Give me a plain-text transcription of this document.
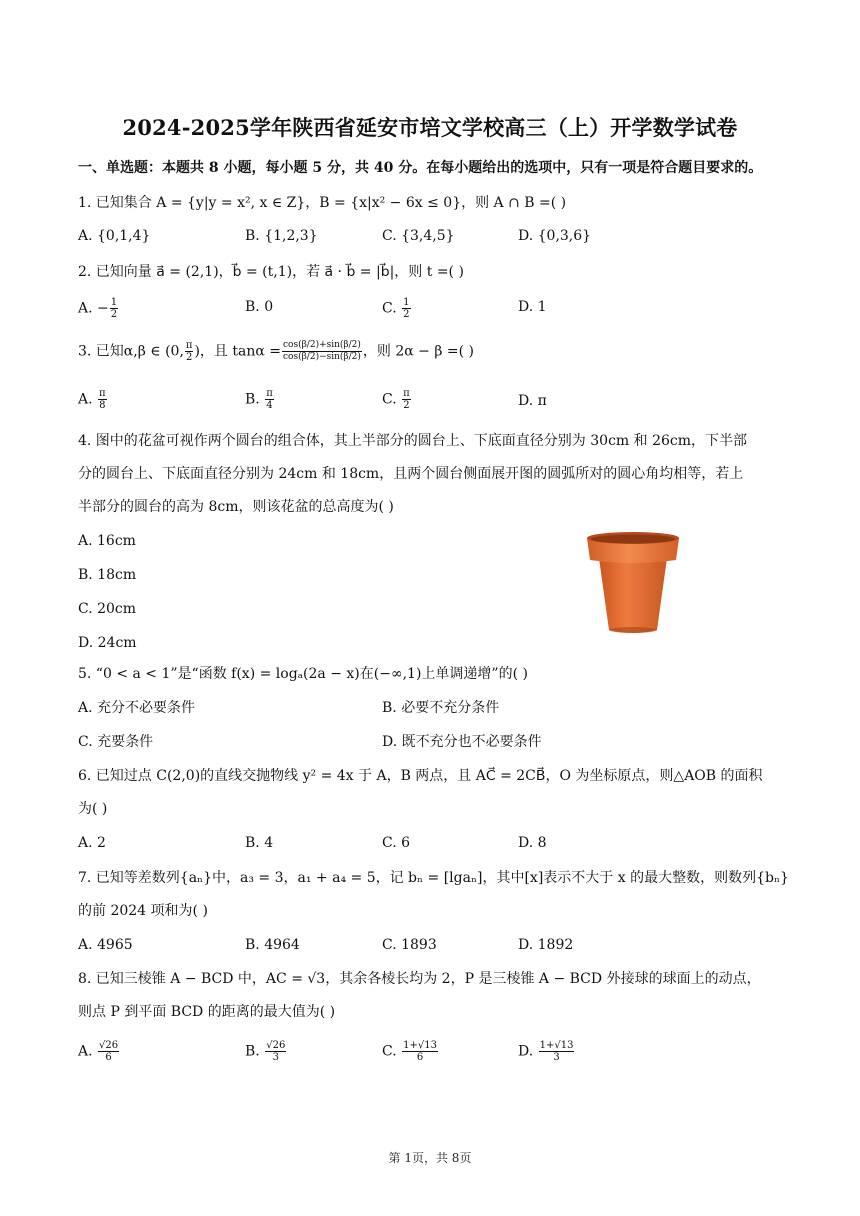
2024-2025学年陕西省延安市培文学校高三（上）开学数学试卷
一、单选题：本题共 8 小题，每小题 5 分，共 40 分。在每小题给出的选项中，只有一项是符合题目要求的。
1. 已知集合 A = {y|y = x², x ∈ Z}，B = {x|x² − 6x ≤ 0}，则 A ∩ B =( )
A. {0,1,4}	B. {1,2,3}	C. {3,4,5}	D. {0,3,6}
2. 已知向量 a⃗ = (2,1)，b⃗ = (t,1)，若 a⃗ · b⃗ = |b⃗|，则 t =( )
A. − $\frac{1}{2}$	B. 0	C. $\frac{1}{2}$	D. 1
3. 已知α,β ∈ (0, $\frac{\pi}{2}$ )，且 $\tan\alpha = \frac{\cos(\beta/2)+\sin(\beta/2)}{\cos(\beta/2)-\sin(\beta/2)}$ ，则 2α − β =( )
A. $\frac{\pi}{8}$	B. $\frac{\pi}{4}$	C. $\frac{\pi}{2}$	D. π
4. 图中的花盆可视作两个圆台的组合体，其上半部分的圆台上、下底面直径分别为 30cm 和 26cm，下半部
分的圆台上、下底面直径分别为 24cm 和 18cm，且两个圆台侧面展开图的圆弧所对的圆心角均相等，若上
半部分的圆台的高为 8cm，则该花盆的总高度为( )
A. 16cm
B. 18cm
C. 20cm
D. 24cm
5. “0 < a < 1”是“函数 f(x) = logₐ(2a − x)在(−∞,1)上单调递增”的( )
A. 充分不必要条件	B. 必要不充分条件
C. 充要条件	D. 既不充分也不必要条件
6. 已知过点 C(2,0)的直线交抛物线 y² = 4x 于 A，B 两点，且 AC⃗ = 2CB⃗，O 为坐标原点，则△AOB 的面积
为( )
A. 2	B. 4	C. 6	D. 8
7. 已知等差数列{aₙ}中，a₃ = 3，a₁ + a₄ = 5，记 bₙ = [lgaₙ]，其中[x]表示不大于 x 的最大整数，则数列{bₙ}
的前 2024 项和为( )
A. 4965	B. 4964	C. 1893	D. 1892
8. 已知三棱锥 A − BCD 中，AC = √3，其余各棱长均为 2，P 是三棱锥 A − BCD 外接球的球面上的动点，
则点 P 到平面 BCD 的距离的最大值为( )
A. $\frac{√26}{6}$	B. $\frac{√26}{3}$	C. $\frac{1+√13}{6}$	D. $\frac{1+√13}{3}$
第 1页，共 8页
